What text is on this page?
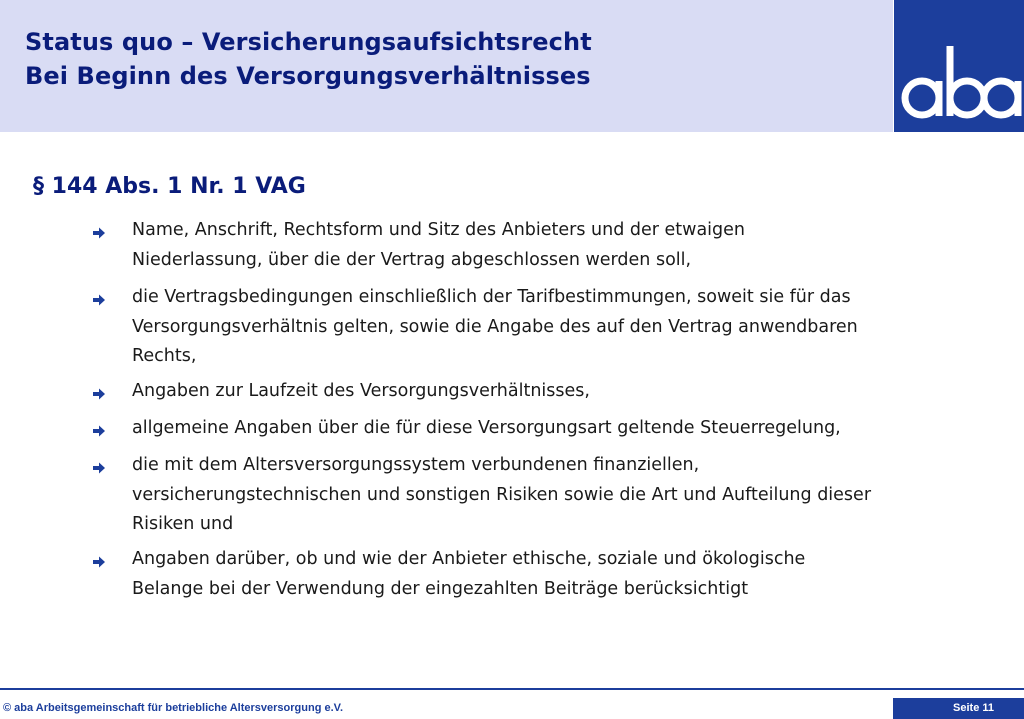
Status quo – Versicherungsaufsichtsrecht
Bei Beginn des Versorgungsverhältnisses
§ 144 Abs. 1 Nr. 1 VAG
Name, Anschrift, Rechtsform und Sitz des Anbieters und der etwaigen
Niederlassung, über die der Vertrag abgeschlossen werden soll,
die Vertragsbedingungen einschließlich der Tarifbestimmungen, soweit sie für das
Versorgungsverhältnis gelten, sowie die Angabe des auf den Vertrag anwendbaren
Rechts,
Angaben zur Laufzeit des Versorgungsverhältnisses,
allgemeine Angaben über die für diese Versorgungsart geltende Steuerregelung,
die mit dem Altersversorgungssystem verbundenen finanziellen,
versicherungstechnischen und sonstigen Risiken sowie die Art und Aufteilung dieser
Risiken und
Angaben darüber, ob und wie der Anbieter ethische, soziale und ökologische
Belange bei der Verwendung der eingezahlten Beiträge berücksichtigt
© aba Arbeitsgemeinschaft für betriebliche Altersversorgung e.V.	Seite 11
